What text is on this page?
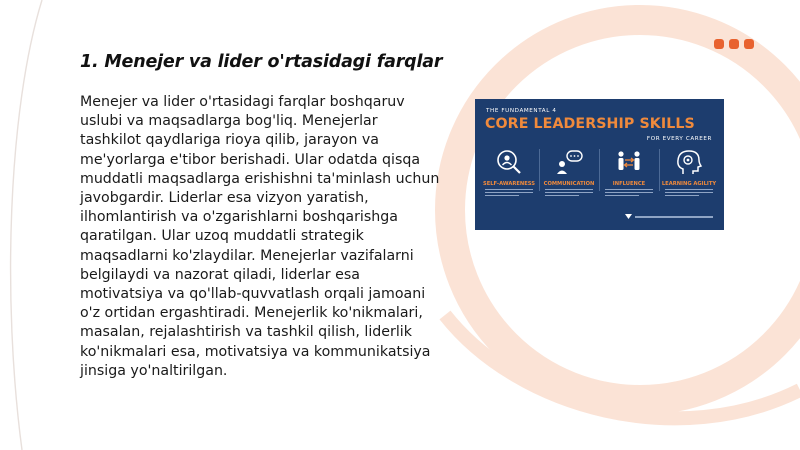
1. Menejer va lider o'rtasidagi farqlar

Menejer va lider o'rtasidagi farqlar boshqaruv uslubi va maqsadlarga bog'liq. Menejerlar tashkilot qaydlariga rioya qilib, jarayon va me'yorlarga e'tibor berishadi. Ular odatda qisqa muddatli maqsadlarga erishishni ta'minlash uchun javobgardir. Liderlar esa vizyon yaratish, ilhomlantirish va o'zgarishlarni boshqarishga qaratilgan. Ular uzoq muddatli strategik maqsadlarni ko'zlaydilar. Menejerlar vazifalarni belgilaydi va nazorat qiladi, liderlar esa motivatsiya va qo'llab-quvvatlash orqali jamoani o'z ortidan ergashtiradi. Menejerlik ko'nikmalari, masalan, rejalashtirish va tashkil qilish, liderlik ko'nikmalari esa, motivatsiya va kommunikatsiya jinsiga yo'naltirilgan.

THE FUNDAMENTAL 4
CORE LEADERSHIP SKILLS
FOR EVERY CAREER
SELF-AWARENESS	COMMUNICATION	INFLUENCE	LEARNING AGILITY
